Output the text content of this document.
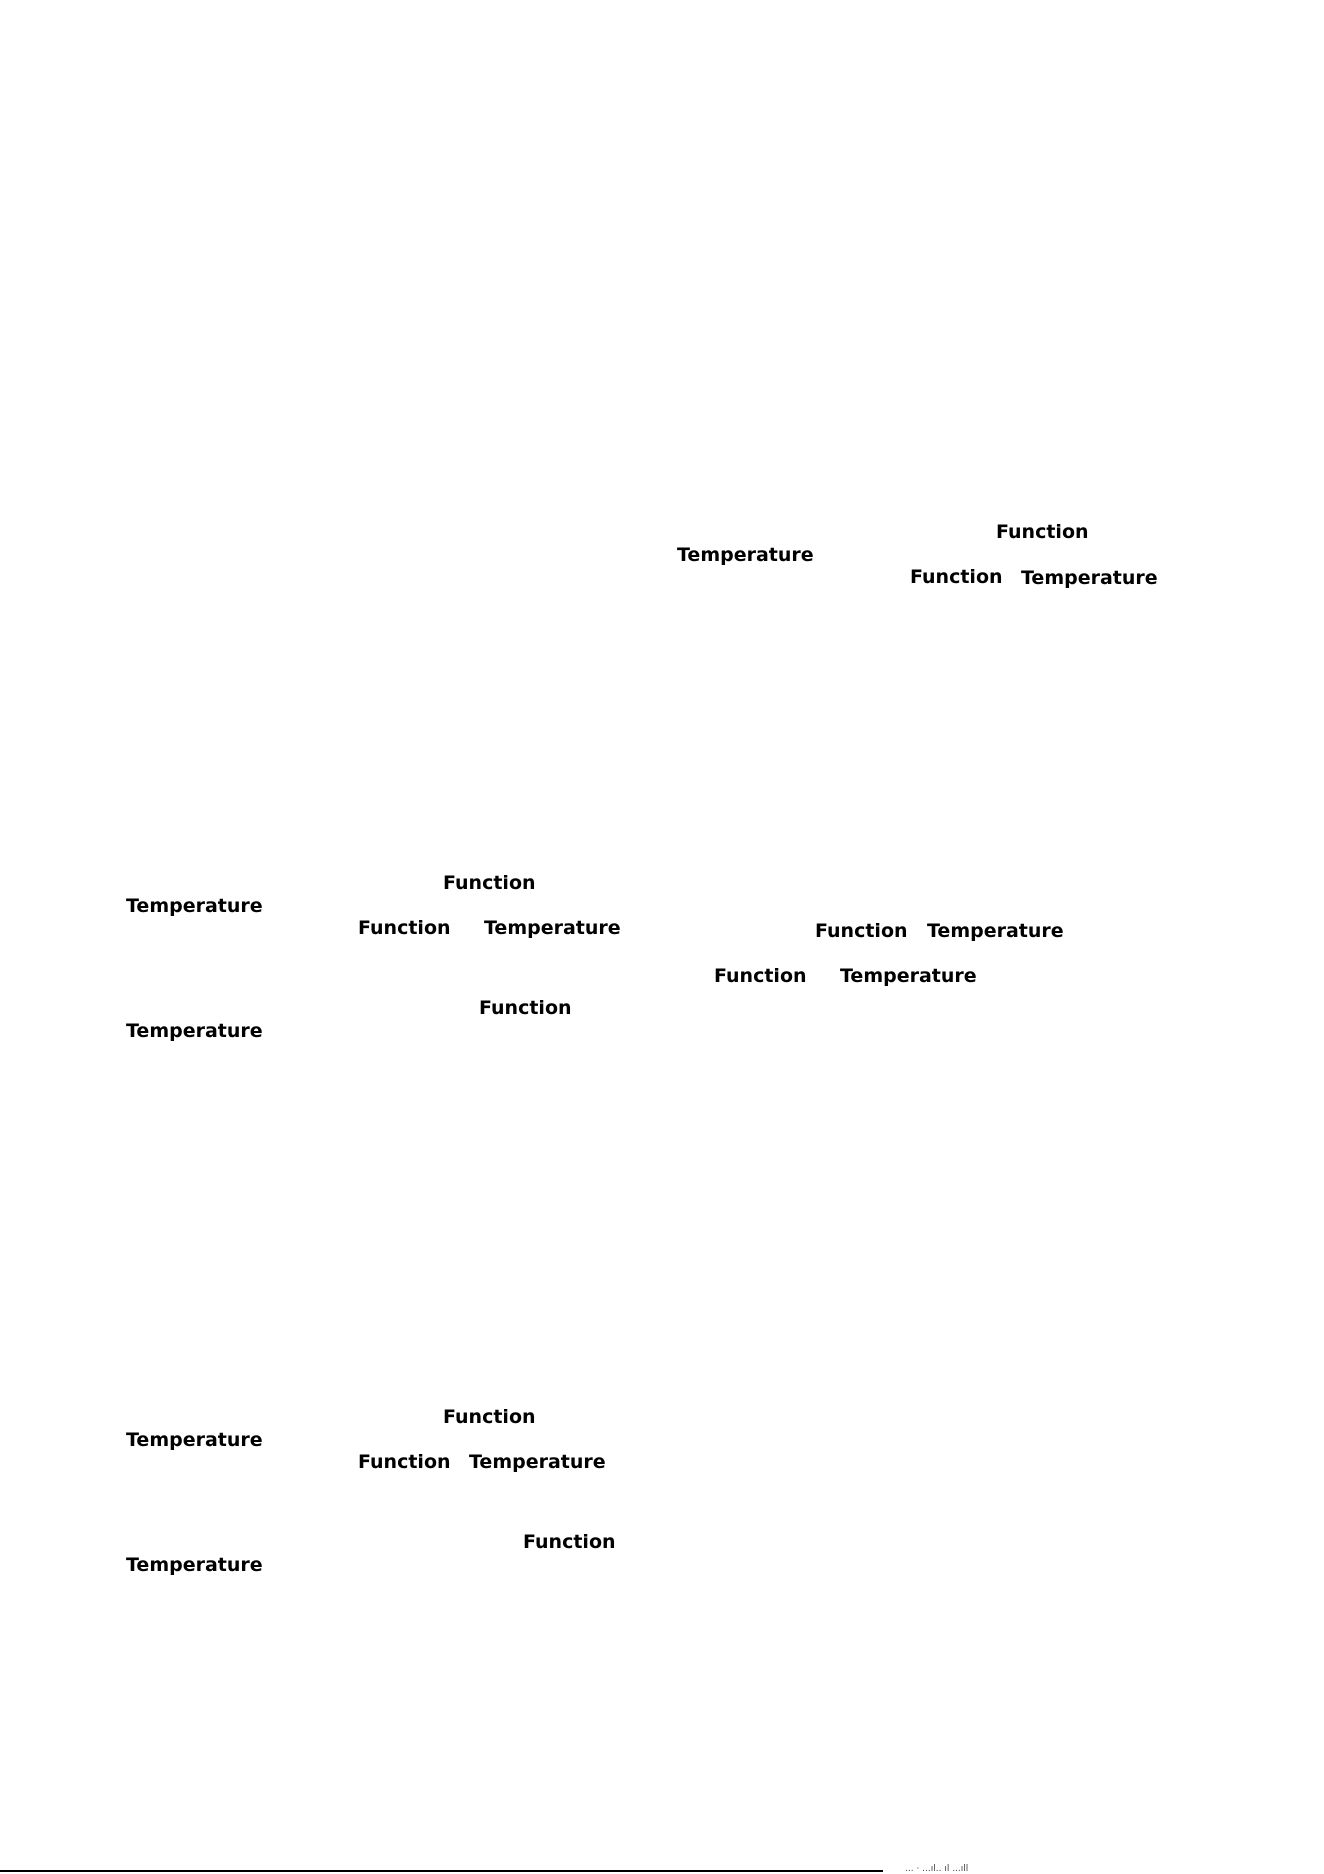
Function
Temperature
Function Temperature
Function
Temperature
Function Temperature	Function Temperature
Function Temperature
Function
Temperature
Function
Temperature
Function Temperature
Function
Temperature
... · ...ıl.. ıl ...ıll
